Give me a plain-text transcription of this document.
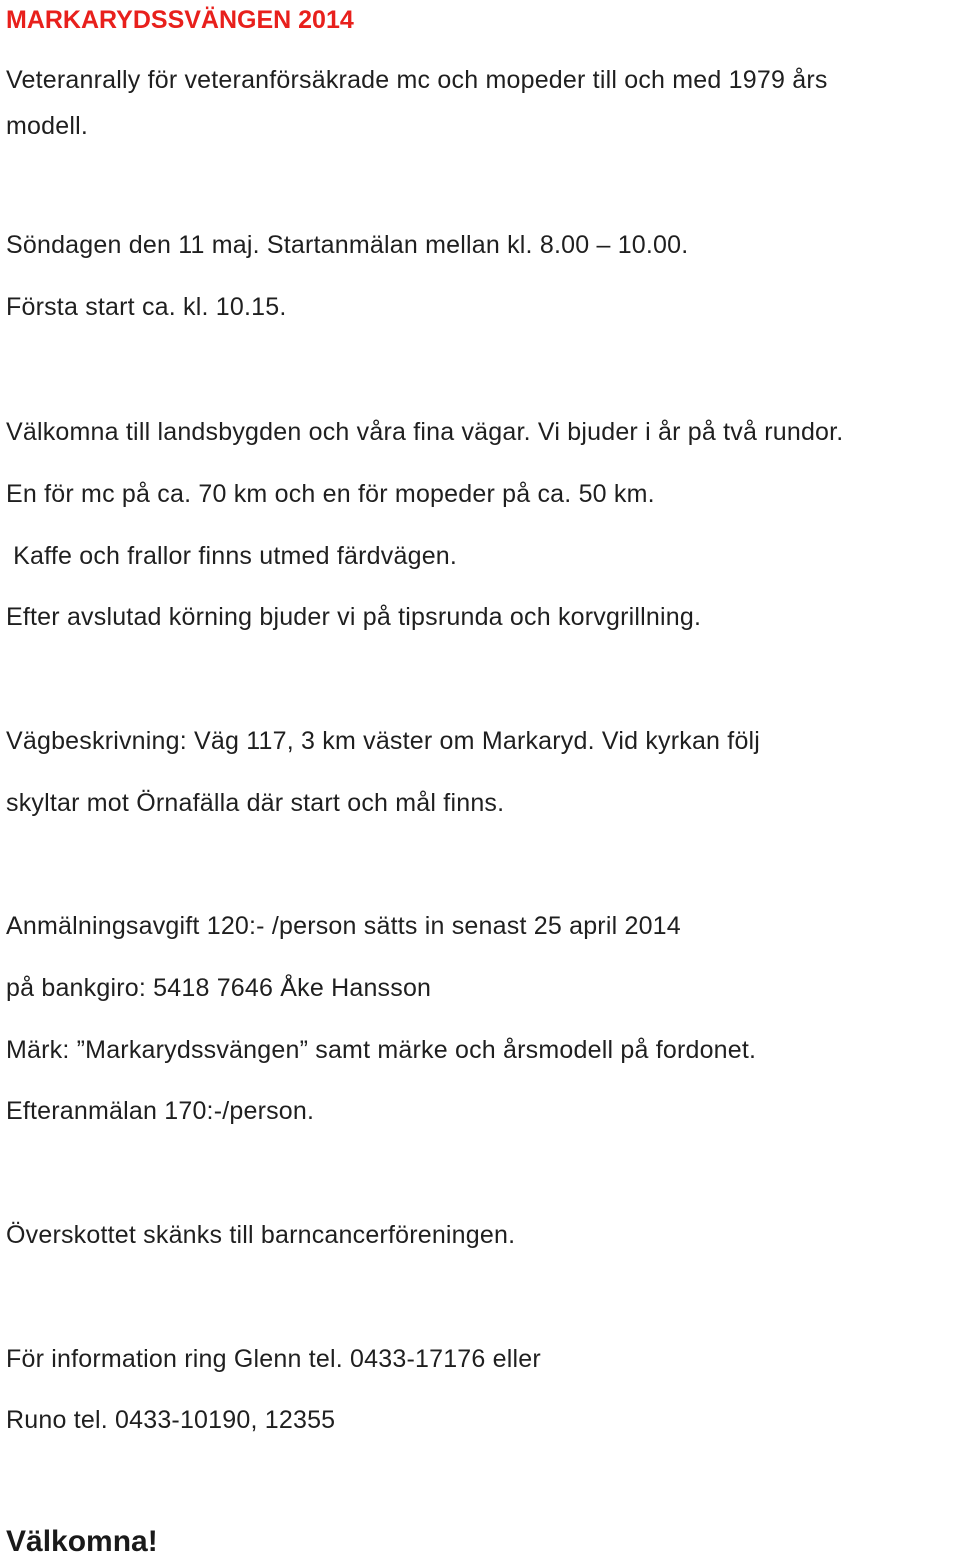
MARKARYDSSVÄNGEN 2014

Veteranrally för veteranförsäkrade mc och mopeder till och med 1979 års

modell.

Söndagen den 11 maj. Startanmälan mellan kl. 8.00 – 10.00.

Första start ca. kl. 10.15.

Välkomna till landsbygden och våra fina vägar. Vi bjuder i år på två rundor.

En för mc på ca. 70 km och en för mopeder på ca. 50 km.

Kaffe och frallor finns utmed färdvägen.

Efter avslutad körning bjuder vi på tipsrunda och korvgrillning.

Vägbeskrivning: Väg 117, 3 km väster om Markaryd. Vid kyrkan följ

skyltar mot Örnafälla där start och mål finns.

Anmälningsavgift 120:- /person sätts in senast 25 april 2014

på bankgiro: 5418 7646 Åke Hansson

Märk: ”Markarydssvängen” samt märke och årsmodell på fordonet.

Efteranmälan 170:-/person.

Överskottet skänks till barncancerföreningen.

För information ring Glenn tel. 0433-17176 eller

Runo tel. 0433-10190, 12355

Välkomna!
